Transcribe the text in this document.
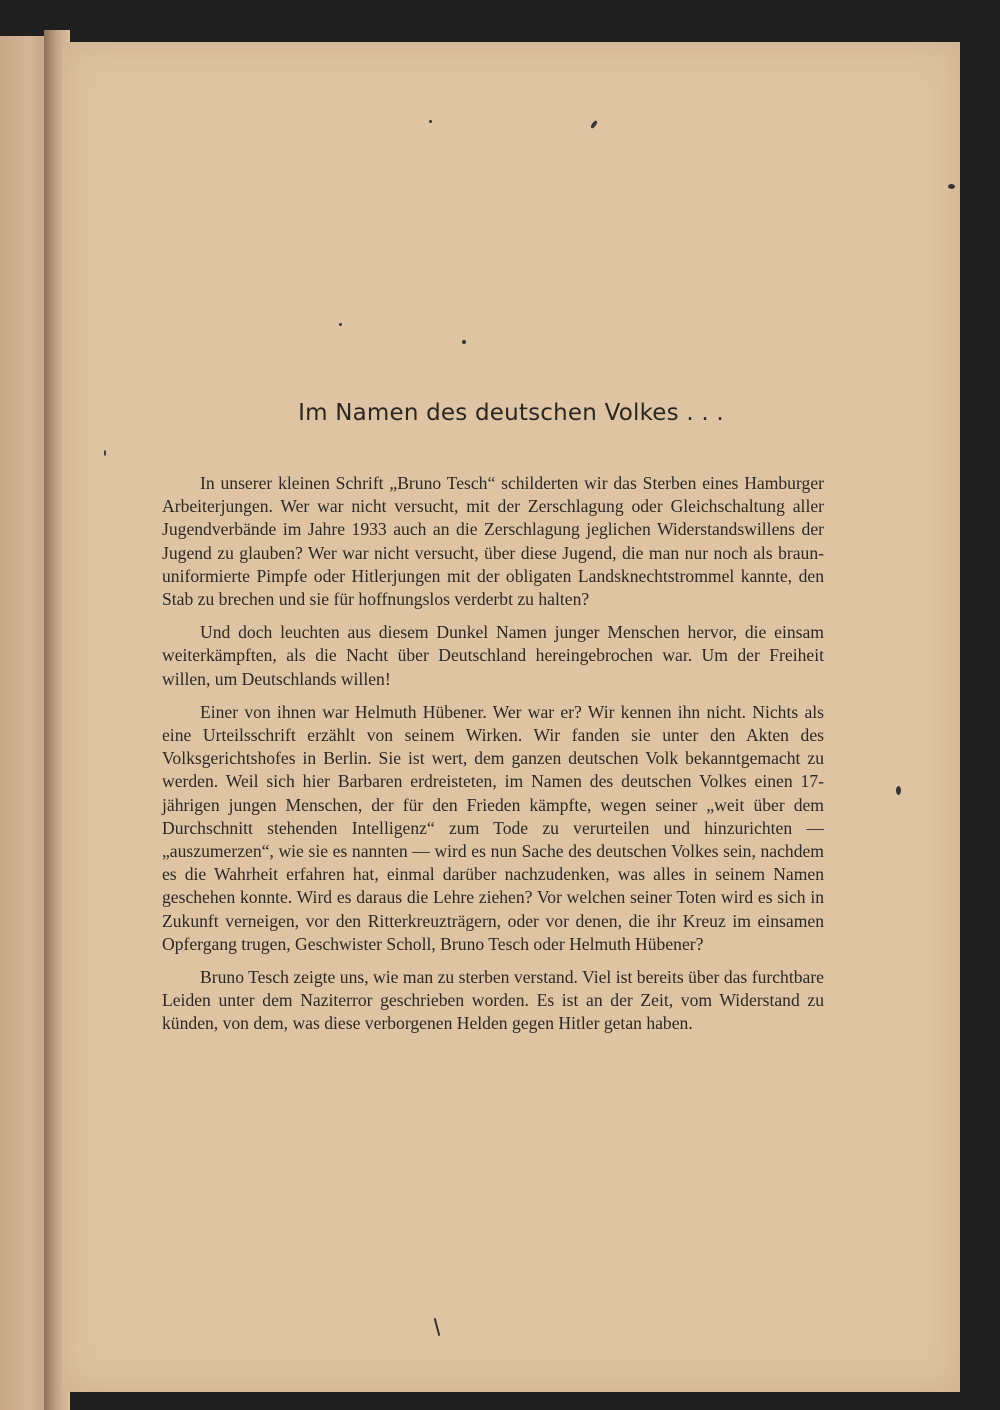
Im Namen des deutschen Volkes . . .

In unserer kleinen Schrift „Bruno Tesch“ schilderten wir das Sterben eines Hamburger Arbeiterjungen. Wer war nicht versucht, mit der Zerschlagung oder Gleichschaltung aller Jugendverbände im Jahre 1933 auch an die Zerschlagung jeglichen Widerstandswillens der Jugend zu glauben? Wer war nicht versucht, über diese Jugend, die man nur noch als braun-uniformierte Pimpfe oder Hitlerjungen mit der obligaten Landsknechtstrommel kannte, den Stab zu brechen und sie für hoffnungslos verderbt zu halten?

Und doch leuchten aus diesem Dunkel Namen junger Menschen hervor, die einsam weiterkämpften, als die Nacht über Deutschland hereingebrochen war. Um der Freiheit willen, um Deutschlands willen!

Einer von ihnen war Helmuth Hübener. Wer war er? Wir kennen ihn nicht. Nichts als eine Urteilsschrift erzählt von seinem Wirken. Wir fanden sie unter den Akten des Volksgerichtshofes in Berlin. Sie ist wert, dem ganzen deutschen Volk bekanntgemacht zu werden. Weil sich hier Barbaren erdreisteten, im Namen des deutschen Volkes einen 17-jährigen jungen Menschen, der für den Frieden kämpfte, wegen seiner „weit über dem Durchschnitt stehenden Intelligenz“ zum Tode zu verurteilen und hinzurichten — „auszumerzen“, wie sie es nannten — wird es nun Sache des deutschen Volkes sein, nachdem es die Wahrheit erfahren hat, einmal darüber nachzudenken, was alles in seinem Namen geschehen konnte. Wird es daraus die Lehre ziehen? Vor welchen seiner Toten wird es sich in Zukunft verneigen, vor den Ritterkreuzträgern, oder vor denen, die ihr Kreuz im einsamen Opfergang trugen, Geschwister Scholl, Bruno Tesch oder Helmuth Hübener?

Bruno Tesch zeigte uns, wie man zu sterben verstand. Viel ist bereits über das furchtbare Leiden unter dem Naziterror geschrieben worden. Es ist an der Zeit, vom Widerstand zu künden, von dem, was diese verborgenen Helden gegen Hitler getan haben.
